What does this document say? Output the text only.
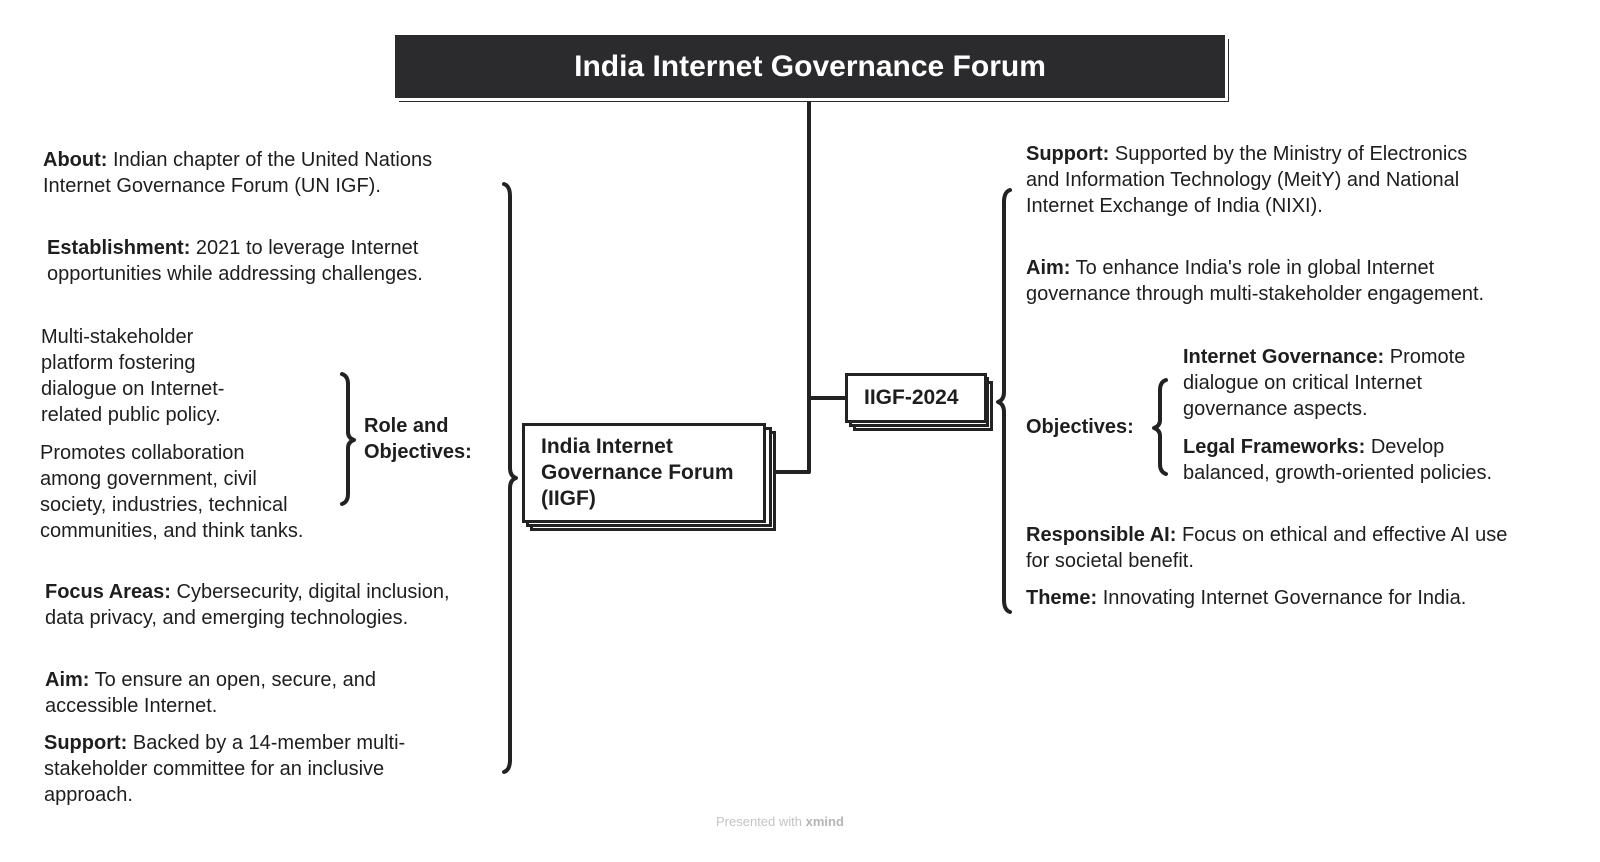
India Internet Governance Forum
India Internet Governance Forum (IIGF)
IIGF-2024
About: Indian chapter of the United Nations Internet Governance Forum (UN IGF).
Establishment: 2021 to leverage Internet opportunities while addressing challenges.
Multi-stakeholder platform fostering dialogue on Internet-related public policy.
Promotes collaboration among government, civil society, industries, technical communities, and think tanks.
Role and Objectives:
Focus Areas: Cybersecurity, digital inclusion, data privacy, and emerging technologies.
Aim: To ensure an open, secure, and accessible Internet.
Support: Backed by a 14-member multi-stakeholder committee for an inclusive approach.
Support: Supported by the Ministry of Electronics and Information Technology (MeitY) and National Internet Exchange of India (NIXI).
Aim: To enhance India's role in global Internet governance through multi-stakeholder engagement.
Objectives:
Internet Governance: Promote dialogue on critical Internet governance aspects.
Legal Frameworks: Develop balanced, growth-oriented policies.
Responsible AI: Focus on ethical and effective AI use for societal benefit.
Theme: Innovating Internet Governance for India.
Presented with xmind
